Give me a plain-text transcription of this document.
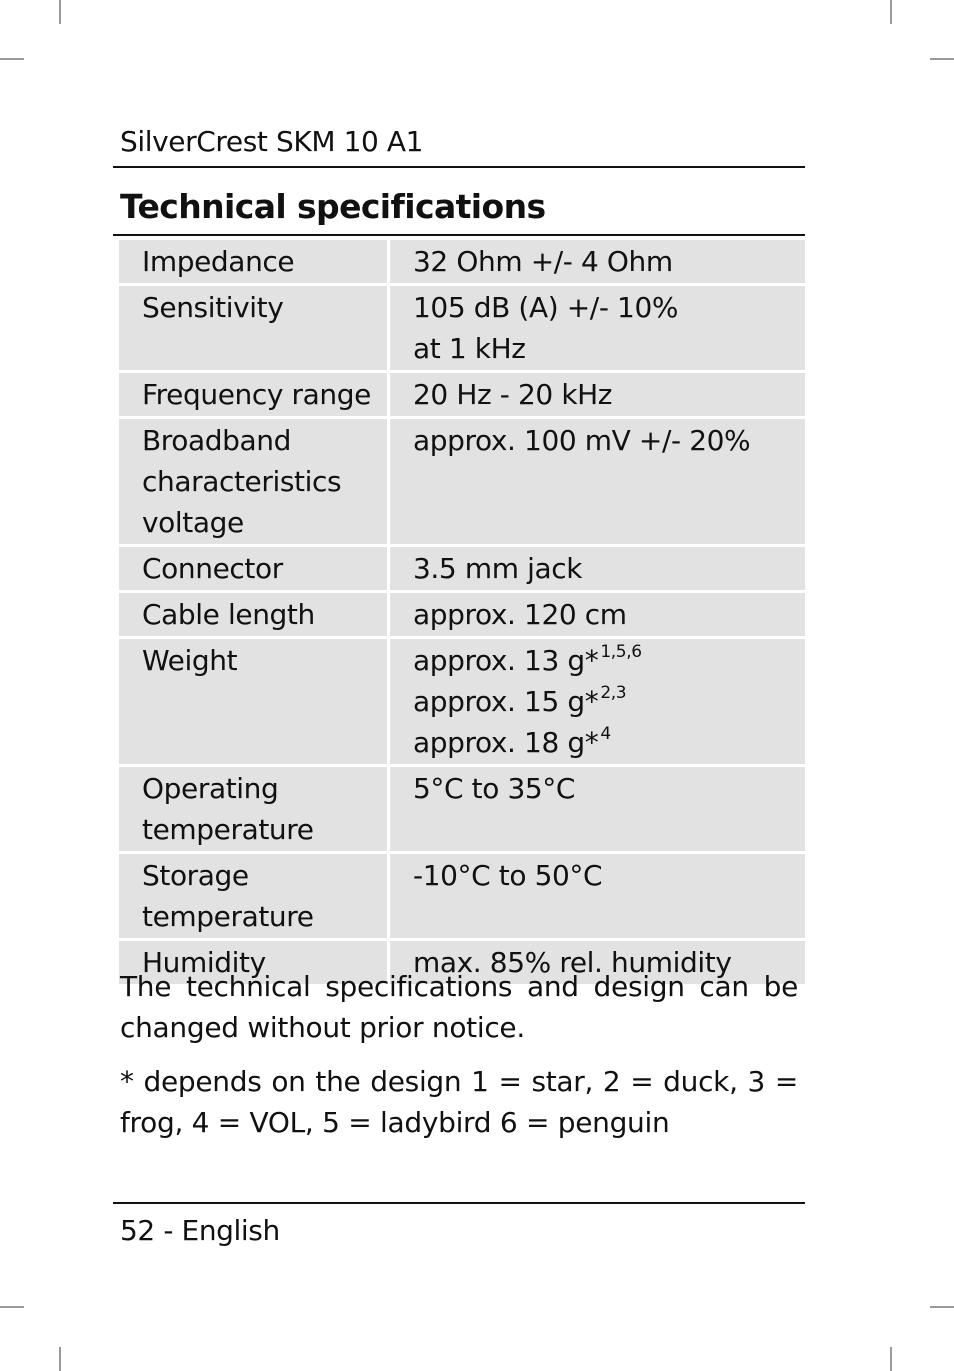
SilverCrest SKM 10 A1
Technical specifications
Impedance	32 Ohm +/- 4 Ohm

Sensitivity	105 dB (A) +/- 10%
at 1 kHz

Frequency range	20 Hz - 20 kHz

Broadband
characteristics
voltage	approx. 100 mV +/- 20%

Connector	3.5 mm jack

Cable length	approx. 120 cm

Weight	approx. 13 g* $^{1,5,6}$
approx. 15 g* $^{2,3}$
approx. 18 g* $^4$

Operating
temperature	5°C to 35°C

Storage
temperature	-10°C to 50°C

Humidity	max. 85% rel. humidity
The technical specifications and design can be changed without prior notice.
* depends on the design 1 = star, 2 = duck, 3 = frog, 4 = VOL, 5 = ladybird 6 = penguin
52 - English
